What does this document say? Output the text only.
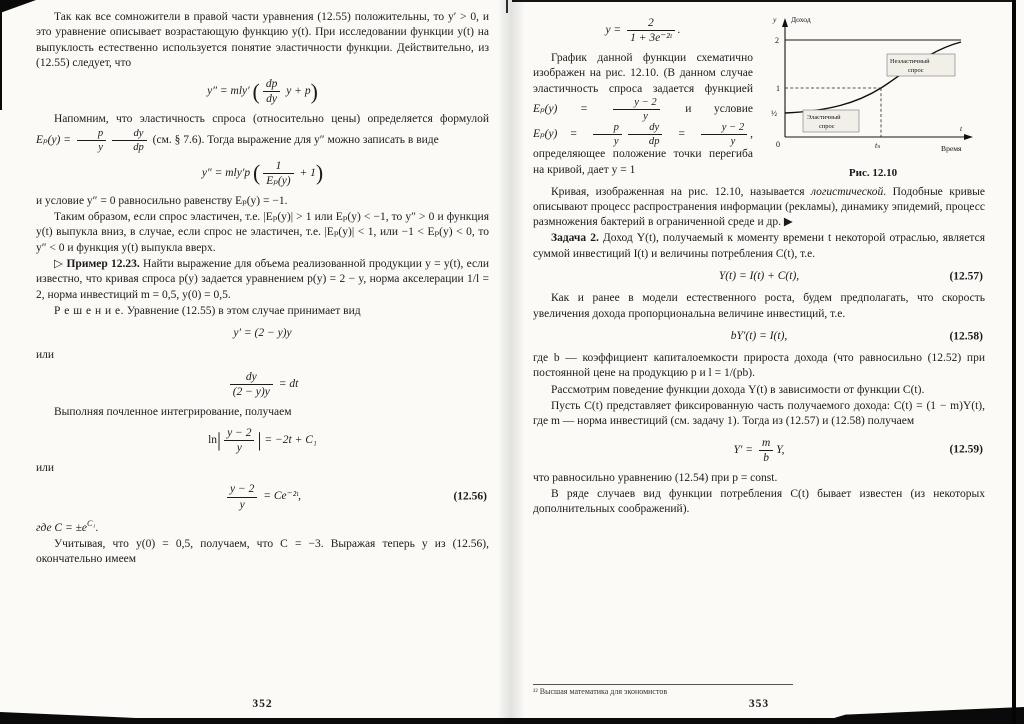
Так как все сомножители в правой части уравнения (12.55) положительны, то y′ > 0, и это уравнение описывает возрастающую функцию y(t). При исследовании функции y(t) на выпуклость естественно используется понятие эластичности функции. Действительно, из (12.55) следует, что

y″ = mly′ ( $\frac{dp}{dy}$ y + p)

Напомним, что эластичность спроса (относительно цены) определяется формулой $E_p(y) = \frac{p}{y} \frac{dy}{dp} (см$. § 7.6). Тогда выражение для y″ можно записать в виде

y″ = mly′p ( $\frac{1}{\text{Eₚ(y)}} + 1$)

и условие y″ = 0 равносильно равенству Eₚ(y) = −1.

Таким образом, если спрос эластичен, т.е. |Eₚ(y)| > 1 или Eₚ(y) < −1, то y″ > 0 и функция y(t) выпукла вниз, в случае, если спрос не эластичен, т.е. |Eₚ(y)| < 1, или −1 < Eₚ(y) < 0, то y″ < 0 и функция y(t) выпукла вверх.

▷ Пример 12.23. Найти выражение для объема реализованной продукции y = y(t), если известно, что кривая спроса p(y) задается уравнением p(y) = 2 − y, норма акселерации 1/l = 2, норма инвестиций m = 0,5, y(0) = 0,5.

Р е ш е н и е. Уравнение (12.55) в этом случае принимает вид

y′ = (2 − y)y

или

$\frac{dy}{(2 - y)y}$ = dt

Выполняя почленное интегрирование, получаем

$\ln| \frac{y - 2}{y}$ | = −2t + C₁

или

$\frac{y - 2}{y}$ = Ce⁻²ᵗ,	(12.56)

где $C = \pm e^{C_1}$.

Учитывая, что y(0) = 0,5, получаем, что C = −3. Выражая теперь y из (12.56), окончательно имеем

2
1
½
0	tₙ
y Доход
t
Время
Неэластичный
спрос
Эластичный
спрос
Рис. 12.10
$y = \frac{2}{\text{1 + 3e⁻²ᵗ}}$ .

График данной функции схематично изображен на рис. 12.10. (В данном случае эластичность спроса задается функцией $E_p(y) = \frac{y - 2}{y}$ и условие $E_p(y) = \frac{p}{y} \frac{dy}{dp} = \frac{y - 2}{y}$ , определяющее положение точки перегиба на кривой, дает y = 1

Кривая, изображенная на рис. 12.10, называется логистической. Подобные кривые описывают процесс распространения информации (рекламы), динамику эпидемий, процесс размножения бактерий в ограниченной среде и др. ▶

Задача 2. Доход Y(t), получаемый к моменту времени t некоторой отраслью, является суммой инвестиций I(t) и величины потребления C(t), т.е.

Y(t) = I(t) + C(t),	(12.57)

Как и ранее в модели естественного роста, будем предполагать, что скорость увеличения дохода пропорциональна величине инвестиций, т.е.

bY′(t) = I(t),	(12.58)

где b — коэффициент капиталоемкости прироста дохода (что равносильно (12.52) при постоянной цене на продукцию p и l = 1/(pb).

Рассмотрим поведение функции дохода Y(t) в зависимости от функции C(t).

Пусть C(t) представляет фиксированную часть получаемого дохода: C(t) = (1 − m)Y(t), где m — норма инвестиций (см. задачу 1). Тогда из (12.57) и (12.58) получаем

$Y' = \frac{m}{b} Y$,	(12.59)

что равносильно уравнению (12.54) при p = const.

В ряде случаев вид функции потребления C(t) бывает известен (из некоторых дополнительных соображений).

¹² Высшая математика для экономистов
352	353
